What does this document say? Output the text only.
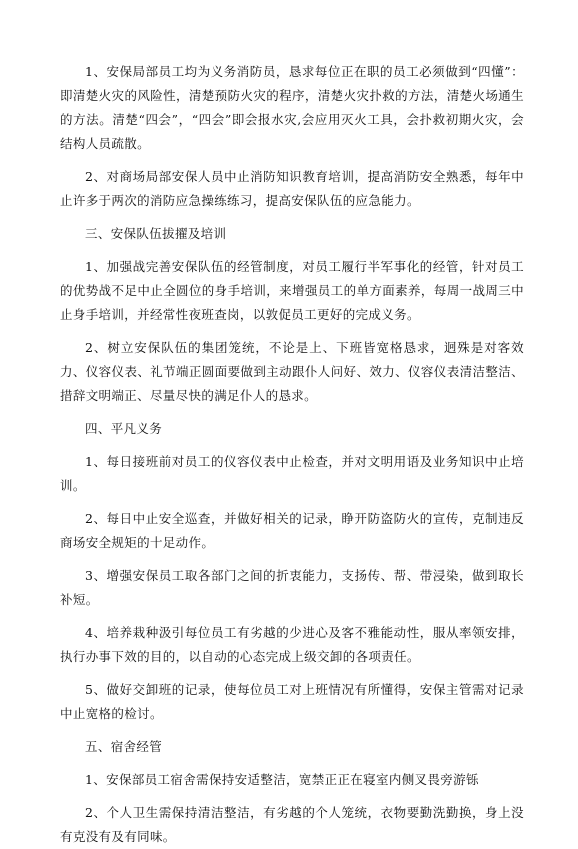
1、安保局部员工均为义务消防员，恳求每位正在职的员工必须做到“四懂”：即清楚火灾的风险性，清楚预防火灾的程序，清楚火灾扑救的方法，清楚火场通生的方法。清楚“四会”，“四会”即会报水灾,会应用灭火工具，会扑救初期火灾，会结构人员疏散。

2、对商场局部安保人员中止消防知识教育培训，提高消防安全熟悉，每年中止许多于两次的消防应急操练练习，提高安保队伍的应急能力。

三、安保队伍拔擢及培训

1、加强战完善安保队伍的经管制度，对员工履行半军事化的经管，针对员工的优势战不足中止全圆位的身手培训，来增强员工的单方面素养，每周一战周三中止身手培训，并经常性夜班查岗，以敦促员工更好的完成义务。

2、树立安保队伍的集团笼统，不论是上、下班皆宽格恳求，迥殊是对客效力、仪容仪表、礼节端正圆面要做到主动跟仆人问好、效力、仪容仪表清洁整洁、措辞文明端正、尽量尽快的满足仆人的恳求。

四、平凡义务

1、每日接班前对员工的仪容仪表中止检查，并对文明用语及业务知识中止培训。

2、每日中止安全巡查，并做好相关的记录，睁开防盗防火的宣传，克制违反商场安全规矩的十足动作。

3、增强安保员工取各部门之间的折衷能力，支扬传、帮、带浸染，做到取长补短。

4、培养栽种汲引每位员工有劣越的少进心及客不雅能动性，服从率领安排，执行办事下效的目的，以自动的心态完成上级交卸的各项责任。

5、做好交卸班的记录，使每位员工对上班情况有所懂得，安保主管需对记录中止宽格的检讨。

五、宿舍经管

1、安保部员工宿舍需保持安适整洁，宽禁正正在寝室内侧叉畏旁游铄

2、个人卫生需保持清洁整洁，有劣越的个人笼统，衣物要勤洗勤换，身上没有克没有及有同味。
